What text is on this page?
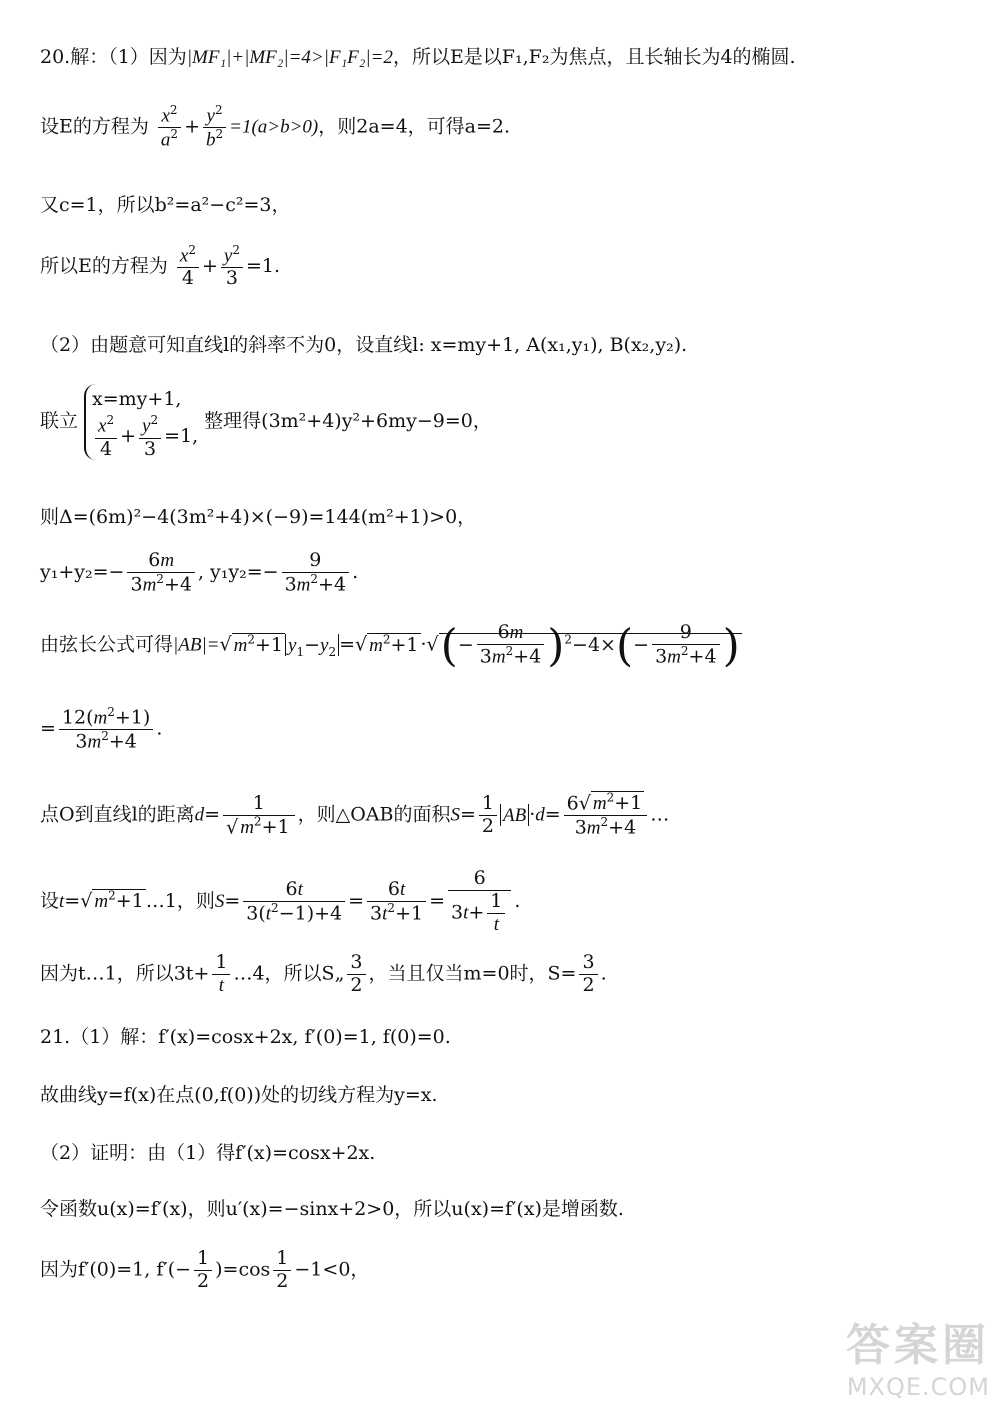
20.解：（1）因为|MF₁|+|MF₂|=4>|F₁F₂|=2，所以E是以F₁,F₂为焦点，且长轴长为4的椭圆.
设E的方程为 $\frac{x^2}{a^2} + \frac{y^2}{b^2} =1(a>b>0)$，则2a=4，可得a=2.
又c=1，所以b²=a²−c²=3，
所以E的方程为 $\frac{x^2}{4} + \frac{y^2}{3} =1$.
（2）由题意可知直线l的斜率不为0，设直线l: x=my+1, A(x₁,y₁), B(x₂,y₂).
联立
x=my+1,
$\frac{x^2}{4} + \frac{y^2}{3} =1$,
整理得(3m²+4)y²+6my−9=0，
则Δ=(6m)²−4(3m²+4)×(−9)=144(m²+1)>0，
$y_1+y_2=- \frac{6m}{3m^2+4}$ , $y_1y_2=- \frac{9}{3m^2+4}$ .
由弦长公式可得|AB|=√ $m^2+1$ $y_1-y_2$ =√ $m^2+1$ ·√(− $\frac{6m}{3m^2+4} )^2-4\times(- \frac{9}{3m^2+4}$ )
= $\frac{12(m^2+1)}{3m^2+4}$ .
点O到直线l的距离$d= \frac{1}{√ m^2+1}$ ，则△OAB的面积$S= \frac{1}{2}$ AB $\cdot d= \frac{6√ m^2+1}{3m^2+4}$ …
设t=√ $m^2+1$ …1，则$S= \frac{6t}{3(t^2-1)+4} = \frac{6t}{3t^2+1} = \frac{6}{3t+ \frac{1}{t}}$ .
因为t…1，所以$3t+ \frac{1}{t}$ …4，所以S„ $\frac{3}{2}$ ，当且仅当m=0时，$S= \frac{3}{2}$ .
21.（1）解：f′(x)=cosx+2x, f′(0)=1, f(0)=0.
故曲线y=f(x)在点(0,f(0))处的切线方程为y=x.
（2）证明：由（1）得f′(x)=cosx+2x.
令函数u(x)=f′(x)，则u′(x)=−sinx+2>0，所以u(x)=f′(x)是增函数.
因为f′(0)=1, $f'(- \frac{1}{2} )=\cos \frac{1}{2} -1<0$，
答案圈
MXQE.COM
